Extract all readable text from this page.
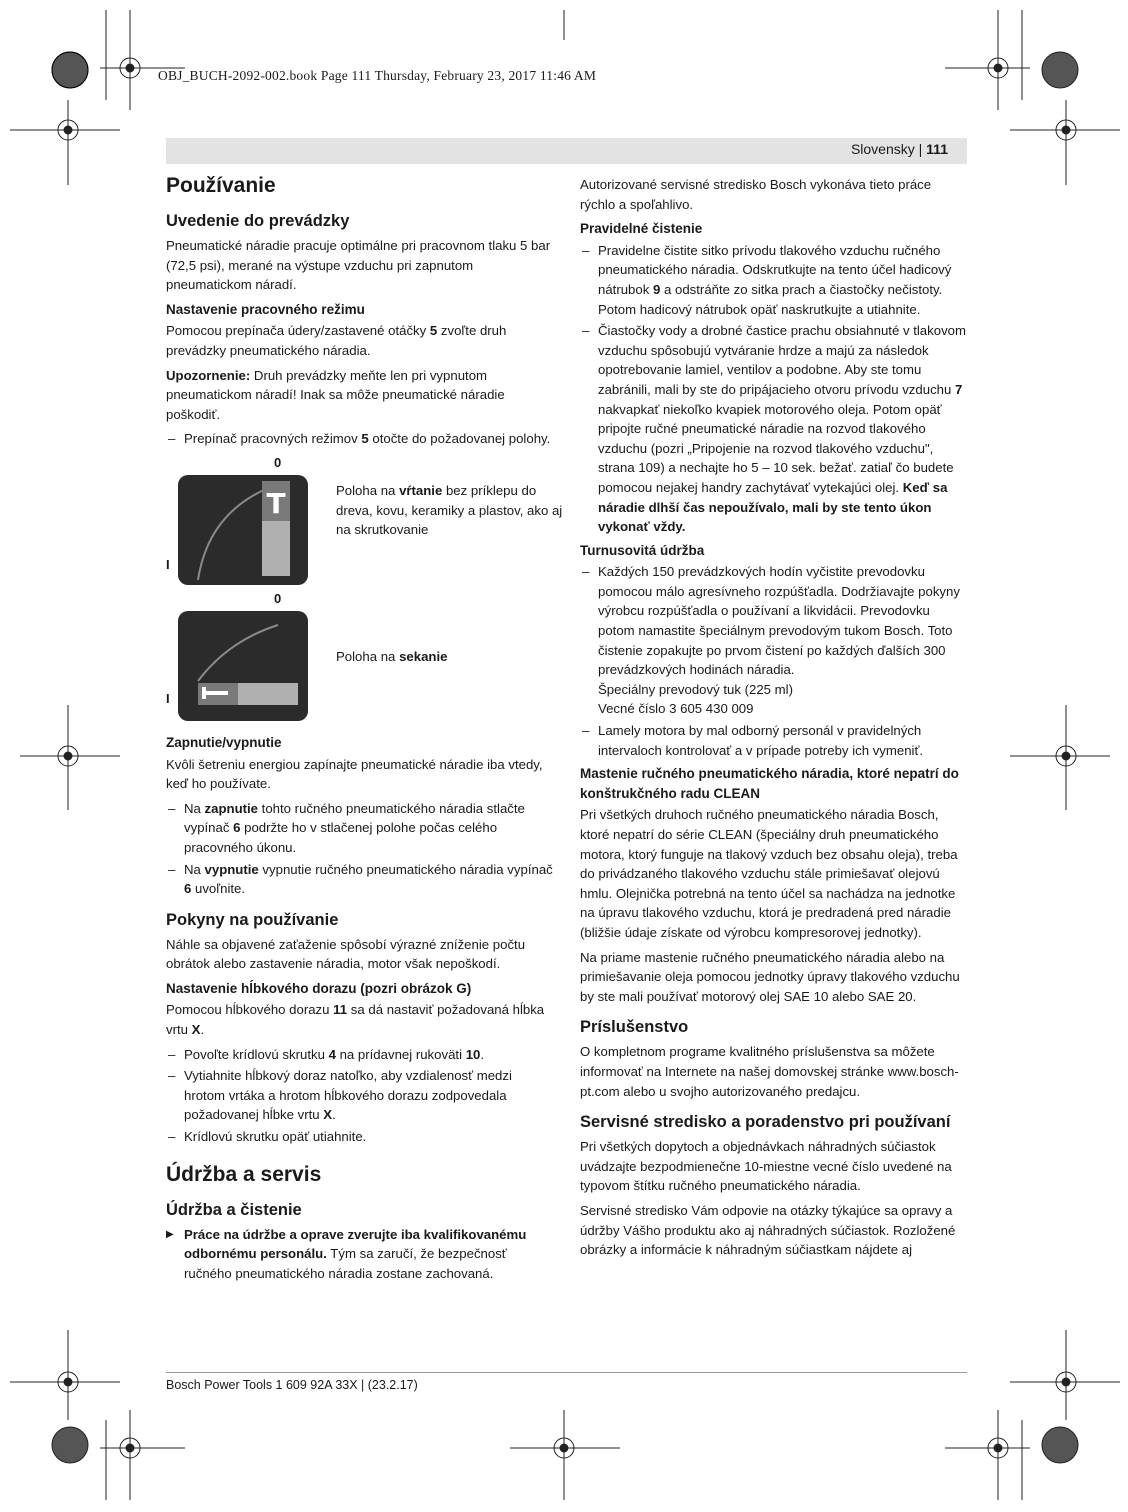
OBJ_BUCH-2092-002.book Page 111 Thursday, February 23, 2017 11:46 AM
Slovensky | 111
Používanie
Uvedenie do prevádzky

Pneumatické náradie pracuje optimálne pri pracovnom tlaku 5 bar (72,5 psi), merané na výstupe vzduchu pri zapnutom pneumatickom náradí.

Nastavenie pracovného režimu

Pomocou prepínača údery/zastavené otáčky 5 zvoľte druh prevádzky pneumatického náradia.

Upozornenie: Druh prevádzky meňte len pri vypnutom pneumatickom náradí! Inak sa môže pneumatické náradie poškodiť.

– Prepínač pracovných režimov 5 otočte do požadovanej polohy.
0
I
T	Poloha na vŕtanie bez príklepu do dreva, kovu, keramiky a plastov, ako aj na skrutkovanie
0
I
Poloha na sekanie
Zapnutie/vypnutie

Kvôli šetreniu energiou zapínajte pneumatické náradie iba vtedy, keď ho používate.

– Na zapnutie tohto ručného pneumatického náradia stlačte vypínač 6 podržte ho v stlačenej polohe počas celého pracovného úkonu.
– Na vypnutie vypnutie ručného pneumatického náradia vypínač 6 uvoľnite.
Pokyny na používanie

Náhle sa objavené zaťaženie spôsobí výrazné zníženie počtu obrátok alebo zastavenie náradia, motor však nepoškodí.

Nastavenie hĺbkového dorazu (pozri obrázok G)

Pomocou hĺbkového dorazu 11 sa dá nastaviť požadovaná hĺbka vrtu X.

– Povoľte krídlovú skrutku 4 na prídavnej rukoväti 10.
– Vytiahnite hĺbkový doraz natoľko, aby vzdialenosť medzi hrotom vrtáka a hrotom hĺbkového dorazu zodpovedala požadovanej hĺbke vrtu X.
– Krídlovú skrutku opäť utiahnite.
Údržba a servis
Údržba a čistenie

▶ Práce na údržbe a oprave zverujte iba kvalifikovanému odbornému personálu. Tým sa zaručí, že bezpečnosť ručného pneumatického náradia zostane zachovaná.

Autorizované servisné stredisko Bosch vykonáva tieto práce rýchlo a spoľahlivo.

Pravidelné čistenie
– Pravidelne čistite sitko prívodu tlakového vzduchu ručného pneumatického náradia. Odskrutkujte na tento účel hadicový nátrubok 9 a odstráňte zo sitka prach a čiastočky nečistoty. Potom hadicový nátrubok opäť naskrutkujte a utiahnite.
– Čiastočky vody a drobné častice prachu obsiahnuté v tlakovom vzduchu spôsobujú vytváranie hrdze a majú za následok opotrebovanie lamiel, ventilov a podobne. Aby ste tomu zabránili, mali by ste do pripájacieho otvoru prívodu vzduchu 7 nakvapkať niekoľko kvapiek motorového oleja. Potom opäť pripojte ručné pneumatické náradie na rozvod tlakového vzduchu (pozri „Pripojenie na rozvod tlakového vzduchu", strana 109) a nechajte ho 5 – 10 sek. bežať. zatiaľ čo budete pomocou nejakej handry zachytávať vytekajúci olej. Keď sa náradie dlhší čas nepoužívalo, mali by ste tento úkon vykonať vždy.
Turnusovitá údržba
– Každých 150 prevádzkových hodín vyčistite prevodovku pomocou málo agresívneho rozpúšťadla. Dodržiavajte pokyny výrobcu rozpúšťadla o používaní a likvidácii. Prevodovku potom namastite špeciálnym prevodovým tukom Bosch. Toto čistenie zopakujte po prvom čistení po každých ďalších 300 prevádzkových hodinách náradia.
Špeciálny prevodový tuk (225 ml)
Vecné číslo 3 605 430 009
– Lamely motora by mal odborný personál v pravidelných intervaloch kontrolovať a v prípade potreby ich vymeniť.
Mastenie ručného pneumatického náradia, ktoré nepatrí do konštrukčného radu CLEAN

Pri všetkých druhoch ručného pneumatického náradia Bosch, ktoré nepatrí do série CLEAN (špeciálny druh pneumatického motora, ktorý funguje na tlakový vzduch bez obsahu oleja), treba do privádzaného tlakového vzduchu stále primiešavať olejovú hmlu. Olejnička potrebná na tento účel sa nachádza na jednotke na úpravu tlakového vzduchu, ktorá je predradená pred náradie (bližšie údaje získate od výrobcu kompresorovej jednotky).

Na priame mastenie ručného pneumatického náradia alebo na primiešavanie oleja pomocou jednotky úpravy tlakového vzduchu by ste mali používať motorový olej SAE 10 alebo SAE 20.

Príslušenstvo

O kompletnom programe kvalitného príslušenstva sa môžete informovať na Internete na našej domovskej stránke www.bosch-pt.com alebo u svojho autorizovaného predajcu.

Servisné stredisko a poradenstvo pri používaní

Pri všetkých dopytoch a objednávkach náhradných súčiastok uvádzajte bezpodmienečne 10-miestne vecné číslo uvedené na typovom štítku ručného pneumatického náradia.

Servisné stredisko Vám odpovie na otázky týkajúce sa opravy a údržby Vášho produktu ako aj náhradných súčiastok. Rozložené obrázky a informácie k náhradným súčiastkam nájdete aj

Bosch Power Tools 1 609 92A 33X | (23.2.17)
